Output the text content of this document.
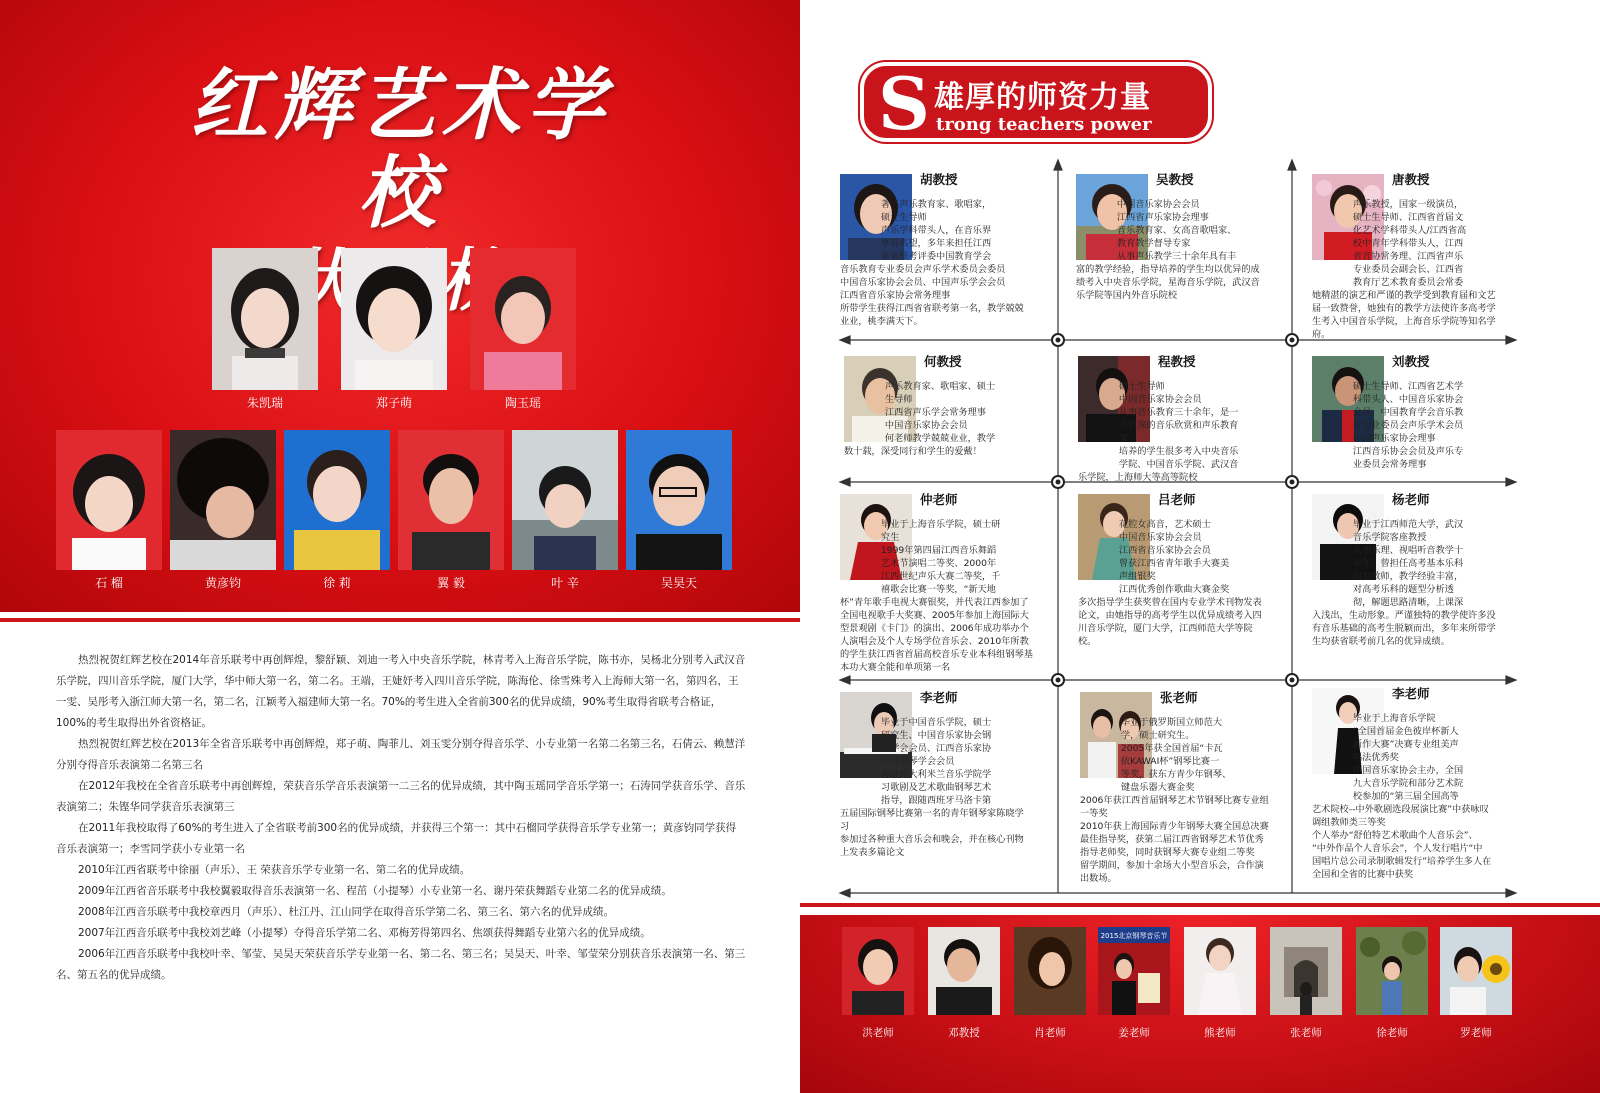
红辉艺术学校
朱凯瑞	郑子萌	陶玉瑶
石 榴	黄彦钧	徐 莉	翼 毅	叶 辛	吴昊天

热烈祝贺红辉艺校在2014年音乐联考中再创辉煌，黎舒颖、刘迪一考入中央音乐学院，林青考入上海音乐学院，陈书亦，吴杨北分别考入武汉音乐学院，四川音乐学院，厦门大学，华中师大第一名，第二名。王端，王婕妤考入四川音乐学院，陈海伦、徐雪殊考入上海师大第一名，第四名，王一雯、吴彤考入浙江师大第一名，第二名，江颖考入福建师大第一名。70%的考生进入全省前300名的优异成绩，90%考生取得省联考合格证，100%的考生取得出外省资格证。

热烈祝贺红辉艺校在2013年全省音乐联考中再创辉煌，郑子萌、陶菲儿、刘玉雯分别夺得音乐学、小专业第一名第二名第三名，石倩云、赖慧洋分别夺得音乐表演第二名第三名

在2012年我校在全省音乐联考中再创辉煌，荣获音乐学音乐表演第一二三名的优异成绩，其中陶玉瑶同学音乐学第一；石涛同学获音乐学、音乐表演第二；朱铿华同学获音乐表演第三

在2011年我校取得了60%的考生进入了全省联考前300名的优异成绩，并获得三个第一：其中石榴同学获得音乐学专业第一；黄彦钧同学获得音乐表演第一；李雪同学获小专业第一名

2010年江西省联考中徐丽（声乐）、王 荣获音乐学专业第一名、第二名的优异成绩。

2009年江西省音乐联考中我校翼毅取得音乐表演第一名、程茁（小提琴）小专业第一名、谢丹荣获舞蹈专业第二名的优异成绩。

2008年江西音乐联考中我校章西月（声乐）、杜江丹、江山同学在取得音乐学第二名、第三名、第六名的优异成绩。

2007年江西音乐联考中我校刘艺峰（小提琴）夺得音乐学第二名、邓梅芳得第四名、焦颂获得舞蹈专业第六名的优异成绩。

2006年江西音乐联考中我校叶幸、邹莹、吴昊天荣获音乐学专业第一名、第二名、第三名；吴昊天、叶幸、邹莹荣分别获音乐表演第一名、第三名、第五名的优异成绩。

S 雄厚的师资力量
trong teachers power
胡教授
著名声乐教育家、歌唱家，
硕士生导师
声乐学科带头人，在音乐界
享有名望，多年来担任江西
省省联考评委中国教育学会
音乐教育专业委员会声乐学术委员会委员
中国音乐家协会会员、中国声乐学会会员
江西省音乐家协会常务理事
所带学生获得江西省省联考第一名，教学兢兢
业业，桃李满天下。
吴教授
中国音乐家协会会员
江西省声乐家协会理事
音乐教育家、女高音歌唱家、
教育教学督导专家
从事声乐教学三十余年具有丰
富的教学经验，指导培养的学生均以优异的成
绩考入中央音乐学院，星海音乐学院，武汉音
乐学院等国内外音乐院校
唐教授
声乐教授，国家一级演员，
硕士生导师、江西省首届文
化艺术学科带头人/江西省高
校中青年学科带头人，江西
省音协常务理、江西省声乐
专业委员会副会长、江西省
教育厅艺术教育委员会常委
她精湛的演艺和严谨的教学受到教育届和文艺
届一致赞誉，她独有的教学方法使许多高考学
生考入中国音乐学院，上海音乐学院等知名学
府。
何教授
声乐教育家、歌唱家、硕士
生导师
江西省声乐学会常务理事
中国音乐家协会会员
何老师教学兢兢业业，教学
数十载，深受同行和学生的爱戴！
程教授
硕士生导师
中国音乐家协会会员
从事音乐教育三十余年，是一
名资深的音乐欣赏和声乐教育
家
培养的学生很多考入中央音乐
学院、中国音乐学院、武汉音
乐学院，上海师大等高等院校
刘教授
硕士生导师、江西省艺术学
科带头人、中国音乐家协会
会员、中国教育学会音乐教
育专业委员会声乐学术会员
中国声乐家协会理事
江西音乐协会会员及声乐专
业委员会常务理事
仲老师
毕业于上海音乐学院，硕士研
究生
1999年第四届江西音乐舞蹈
艺术节演唱二等奖、2000年
江西世纪声乐大赛二等奖，千
禧歌会比赛一等奖，“新天地
杯”青年歌手电视大赛银奖，并代表江西参加了
全国电视歌手大奖赛、2005年参加上海国际大
型景观剧《卡门》的演出、2006年成功举办个
人演唱会及个人专场学位音乐会、2010年所教
的学生获江西省首届高校音乐专业本科组钢琴基
本功大赛全能和单项第一名
吕老师
花腔女高音，艺术硕士
中国音乐家协会会员
江西省音乐家协会会员
曾获江西省青年歌手大赛美
声组银奖
江西优秀创作歌曲大赛金奖
多次指导学生获奖曾在国内专业学术刊物发表
论文，由她指导的高考学生以优异成绩考入四
川音乐学院，厦门大学，江西师范大学等院
校。
杨老师
毕业于江西师范大学，武汉
音乐学院客座教授
从事乐理、视唱听音教学十
余年，曾担任高考基本乐科
阅卷教师，教学经验丰富，
对高考乐科的题型分析透
彻，解题思路清晰，上课深
入浅出，生动形象。严谨独特的教学使许多没
有音乐基础的高考生脱颖而出，多年来所带学
生均获省联考前几名的优异成绩。
李老师
毕业于中国音乐学院，硕士
研究生、中国音乐家协会钢
琴学会会员、江西音乐家协
会及钢琴学会会员
曾赴意大利米兰音乐学院学
习歌剧及艺术歌曲钢琴艺术
指导，跟随西班牙马洛卡第
五届国际钢琴比赛第一名的青年钢琴家陈晓学
习
参加过各种重大音乐会和晚会，并在核心刊物
上发表多篇论文
张老师
毕业于俄罗斯国立师范大
学，硕士研究生。
2005年获全国首届“卡瓦
依KAWAI杯”钢琴比赛一
等奖，获东方青少年钢琴、
键盘乐器大赛金奖
2006年获江西首届钢琴艺术节钢琴比赛专业组
一等奖
2010年获上海国际青少年钢琴大赛全国总决赛
最佳指导奖，获第二届江西省钢琴艺术节优秀
指导老师奖，同时获钢琴大赛专业组二等奖
留学期间，参加十余场大小型音乐会，合作演
出数场。
李老师
毕业于上海音乐学院
“全国首届金色彼岸杯新人
新作大赛”决赛专业组美声
唱法优秀奖
中国音乐家协会主办，全国
九大音乐学院和部分艺术院
校参加的“第三届全国高等
艺术院校--中外歌剧选段展演比赛”中获咏叹
调组教师类三等奖
个人举办“舒伯特艺术歌曲个人音乐会”、
“中外作品个人音乐会”，个人发行唱片“中
国唱片总公司录制歌辑发行”培养学生多人在
全国和全省的比赛中获奖
洪老师	邓教授	肖老师
2015北京钢琴音乐节
姜老师	熊老师	张老师	徐老师	罗老师
